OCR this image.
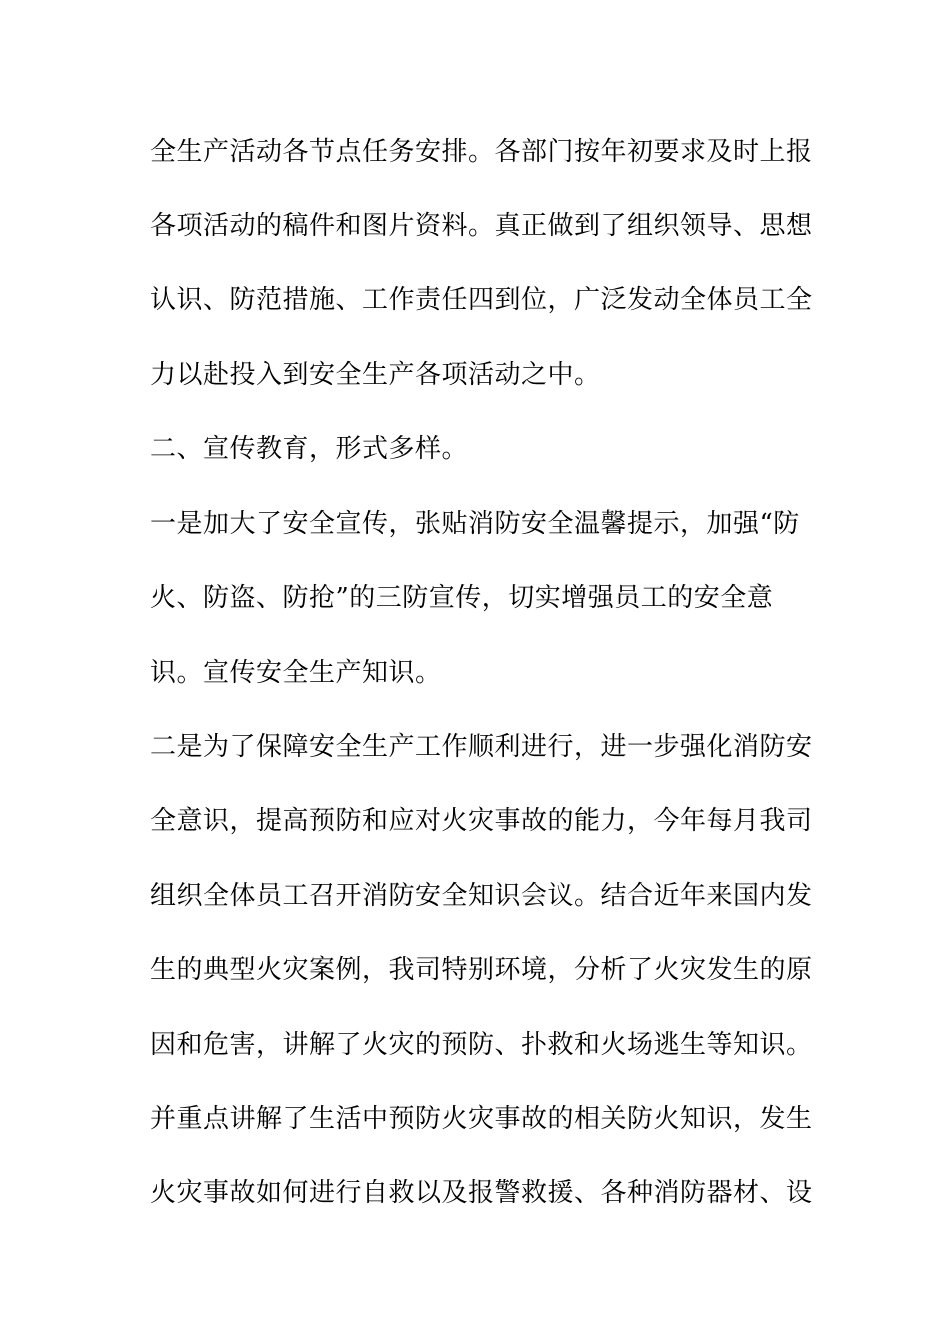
全生产活动各节点任务安排。各部门按年初要求及时上报
各项活动的稿件和图片资料。真正做到了组织领导、思想
认识、防范措施、工作责任四到位，广泛发动全体员工全
力以赴投入到安全生产各项活动之中。
二、宣传教育，形式多样。
一是加大了安全宣传，张贴消防安全温馨提示，加强“防
火、防盗、防抢”的三防宣传，切实增强员工的安全意
识。宣传安全生产知识。
二是为了保障安全生产工作顺利进行，进一步强化消防安
全意识，提高预防和应对火灾事故的能力，今年每月我司
组织全体员工召开消防安全知识会议。结合近年来国内发
生的典型火灾案例，我司特别环境，分析了火灾发生的原
因和危害，讲解了火灾的预防、扑救和火场逃生等知识。
并重点讲解了生活中预防火灾事故的相关防火知识，发生
火灾事故如何进行自救以及报警救援、各种消防器材、设
